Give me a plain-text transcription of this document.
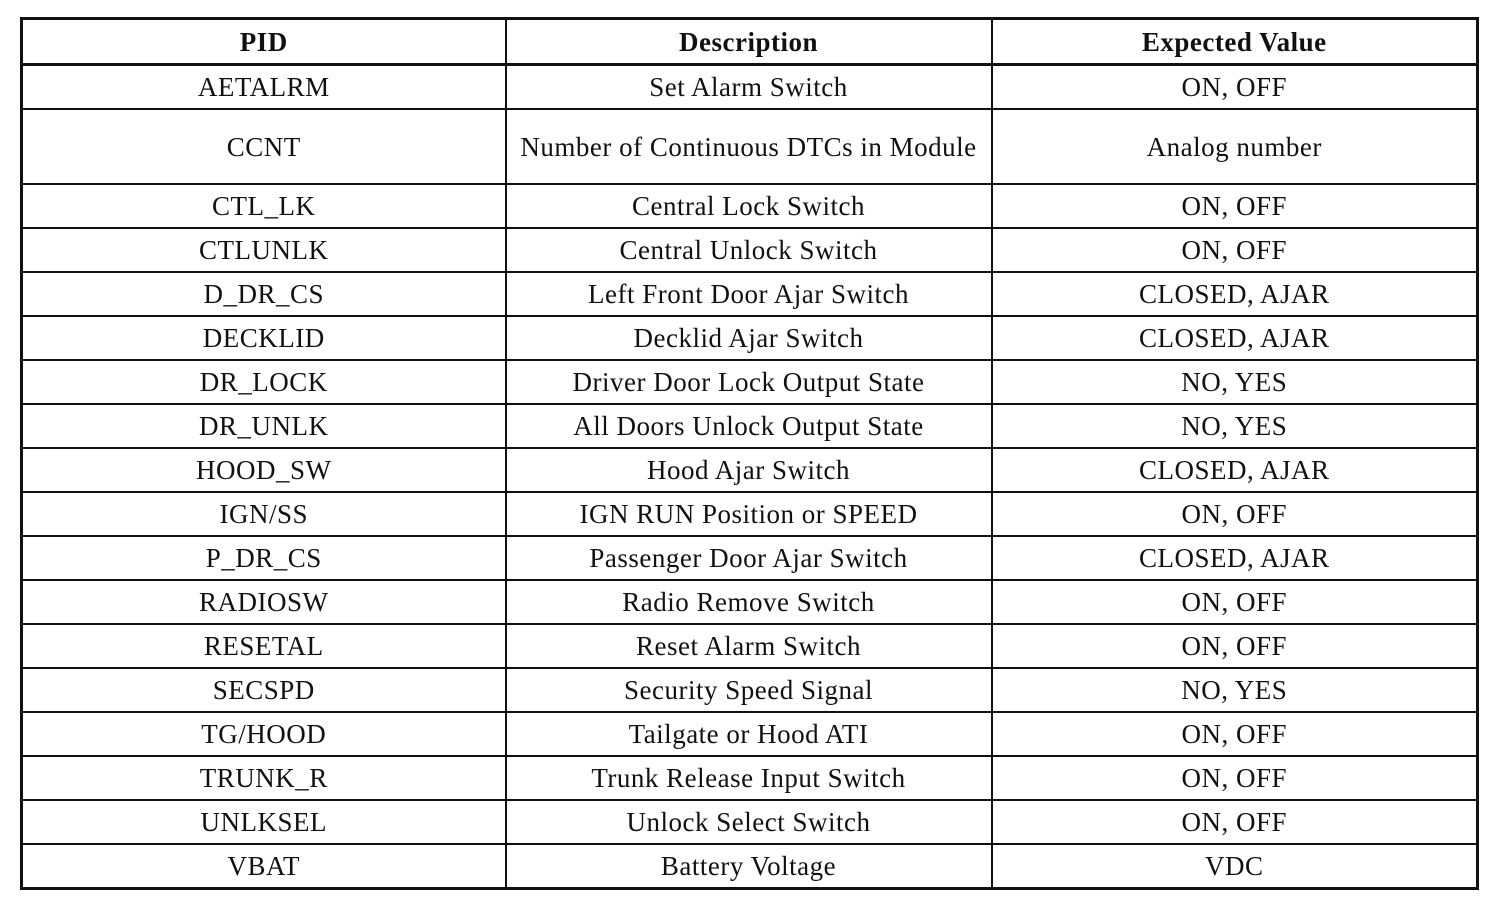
PID	Description	Expected Value
AETALRM	Set Alarm Switch	ON, OFF
CCNT	Number of Continuous DTCs in Module	Analog number
CTL_LK	Central Lock Switch	ON, OFF
CTLUNLK	Central Unlock Switch	ON, OFF
D_DR_CS	Left Front Door Ajar Switch	CLOSED, AJAR
DECKLID	Decklid Ajar Switch	CLOSED, AJAR
DR_LOCK	Driver Door Lock Output State	NO, YES
DR_UNLK	All Doors Unlock Output State	NO, YES
HOOD_SW	Hood Ajar Switch	CLOSED, AJAR
IGN/SS	IGN RUN Position or SPEED	ON, OFF
P_DR_CS	Passenger Door Ajar Switch	CLOSED, AJAR
RADIOSW	Radio Remove Switch	ON, OFF
RESETAL	Reset Alarm Switch	ON, OFF
SECSPD	Security Speed Signal	NO, YES
TG/HOOD	Tailgate or Hood ATI	ON, OFF
TRUNK_R	Trunk Release Input Switch	ON, OFF
UNLKSEL	Unlock Select Switch	ON, OFF
VBAT	Battery Voltage	VDC
